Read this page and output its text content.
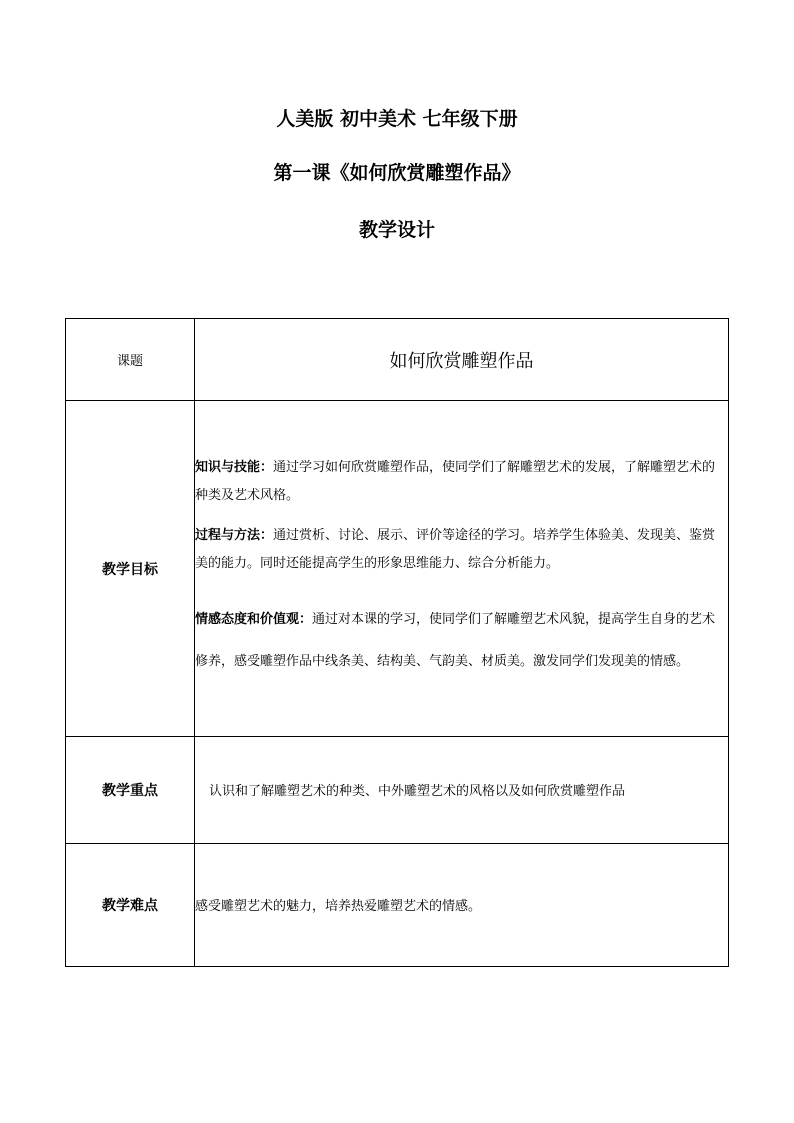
人美版 初中美术 七年级下册
第一课《如何欣赏雕塑作品》
教学设计
课题	如何欣赏雕塑作品

教学目标	知识与技能：通过学习如何欣赏雕塑作品，使同学们了解雕塑艺术的发展，了解雕塑艺术的种类及艺术风格。

过程与方法：通过赏析、讨论、展示、评价等途径的学习。培养学生体验美、发现美、鉴赏美的能力。同时还能提高学生的形象思维能力、综合分析能力。

情感态度和价值观：通过对本课的学习，使同学们了解雕塑艺术风貌，提高学生自身的艺术修养，感受雕塑作品中线条美、结构美、气韵美、材质美。激发同学们发现美的情感。

教学重点	认识和了解雕塑艺术的种类、中外雕塑艺术的风格以及如何欣赏雕塑作品

教学难点	感受雕塑艺术的魅力，培养热爱雕塑艺术的情感。
